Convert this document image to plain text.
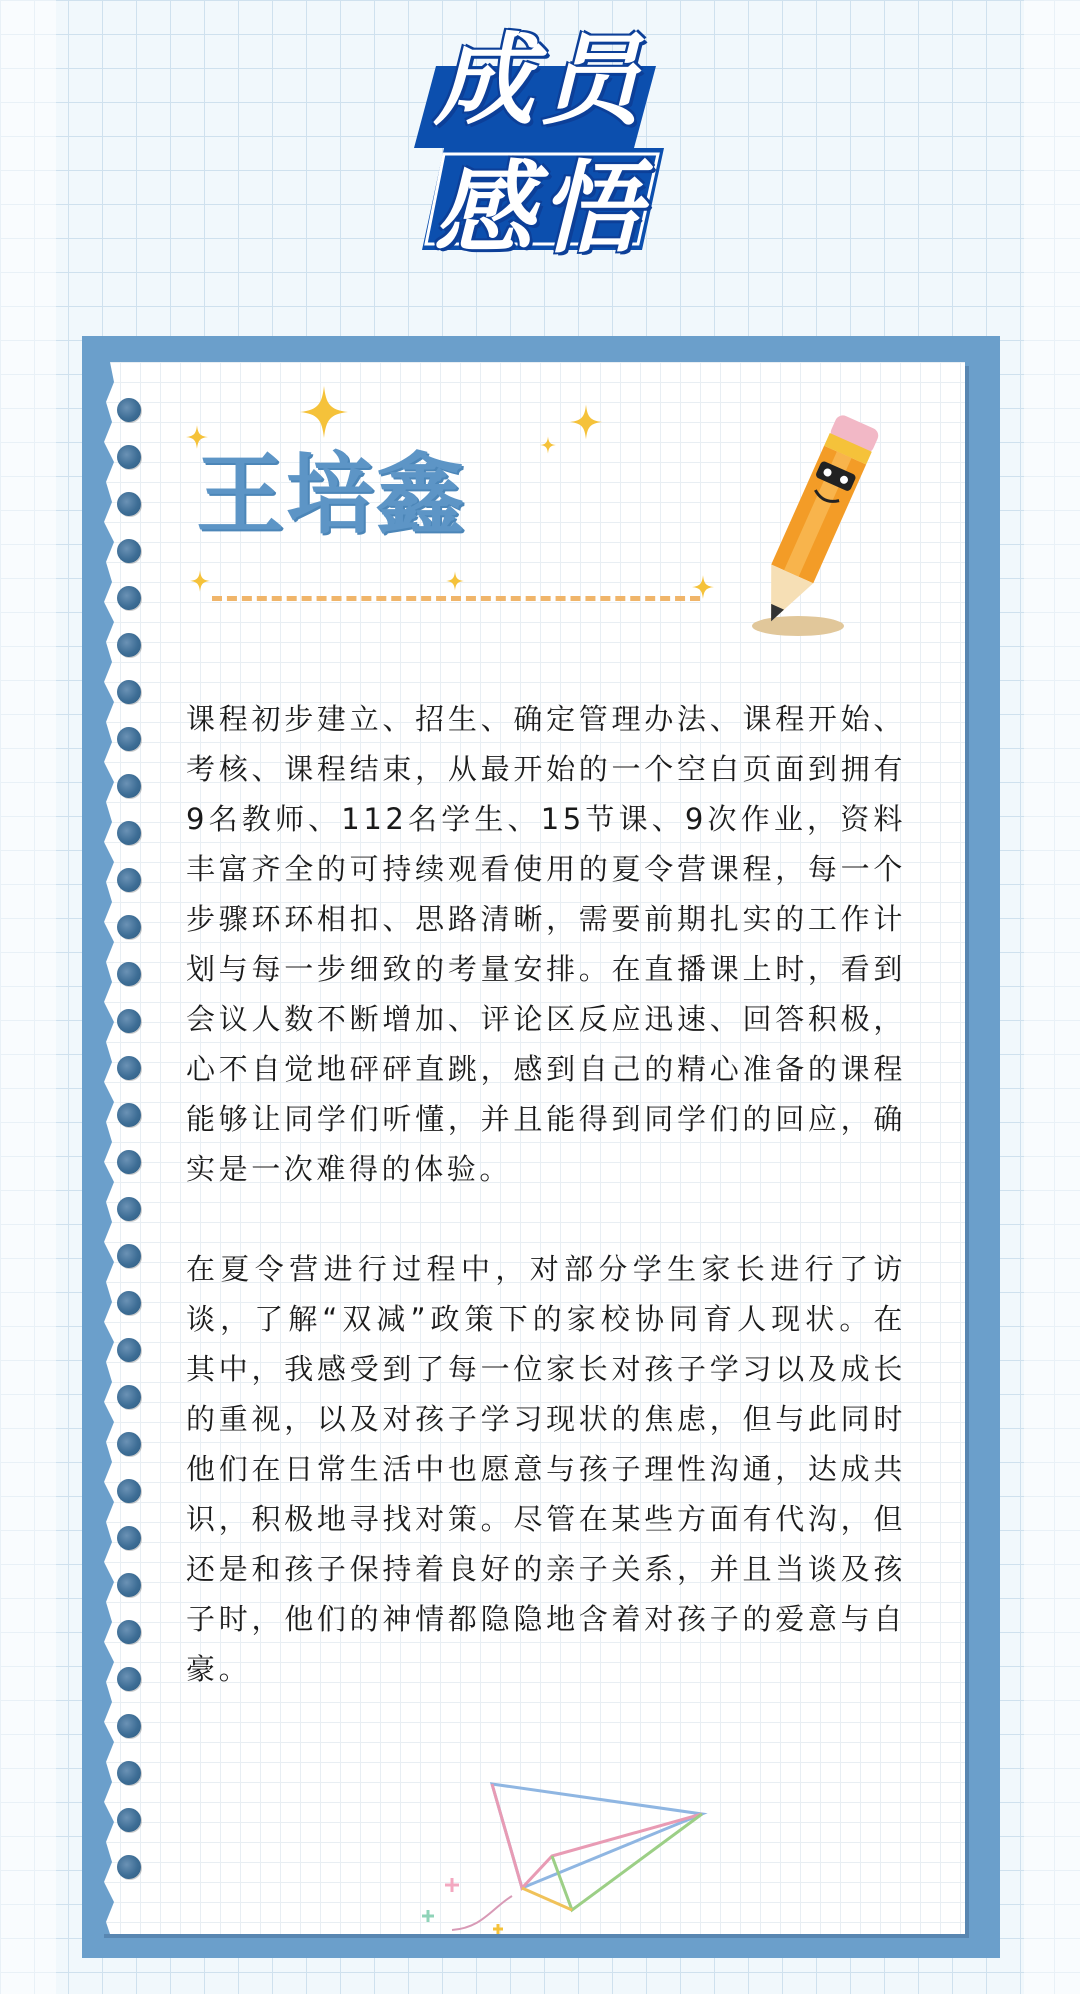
成员
感悟
王培鑫

课程初步建立、招生、确定管理办法、课程开始、考核、课程结束，从最开始的一个空白页面到拥有9名教师、112名学生、15节课、9次作业，资料丰富齐全的可持续观看使用的夏令营课程，每一个步骤环环相扣、思路清晰，需要前期扎实的工作计划与每一步细致的考量安排。在直播课上时，看到会议人数不断增加、评论区反应迅速、回答积极，心不自觉地砰砰直跳，感到自己的精心准备的课程能够让同学们听懂，并且能得到同学们的回应，确实是一次难得的体验。

在夏令营进行过程中，对部分学生家长进行了访谈，了解“双减”政策下的家校协同育人现状。在其中，我感受到了每一位家长对孩子学习以及成长的重视，以及对孩子学习现状的焦虑，但与此同时他们在日常生活中也愿意与孩子理性沟通，达成共识，积极地寻找对策。尽管在某些方面有代沟，但还是和孩子保持着良好的亲子关系，并且当谈及孩子时，他们的神情都隐隐地含着对孩子的爱意与自豪。
